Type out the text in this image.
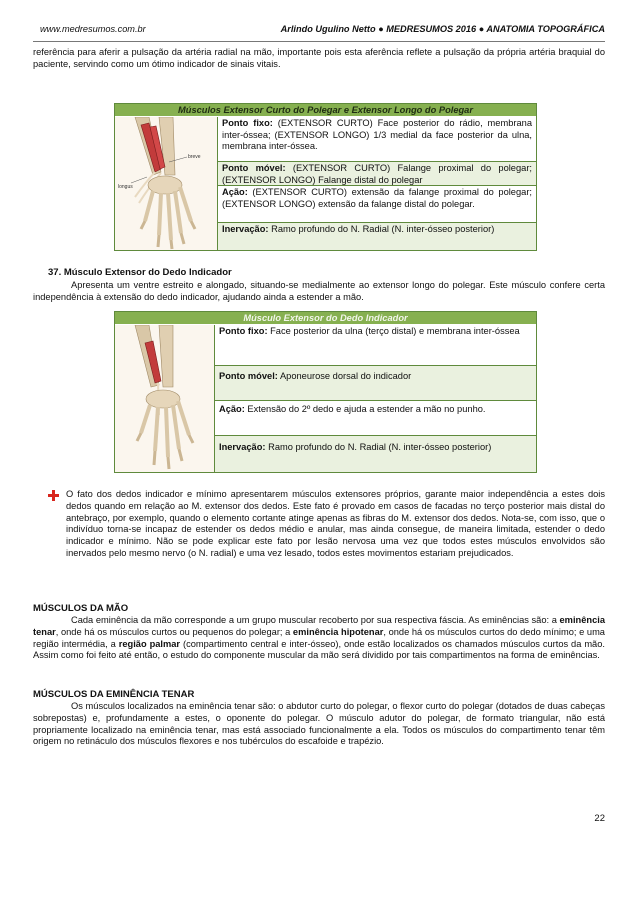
www.medresumos.com.br	Arlindo Ugulino Netto ● MEDRESUMOS 2016 ● ANATOMIA TOPOGRÁFICA
referência para aferir a pulsação da artéria radial na mão, importante pois esta aferência reflete a pulsação da própria artéria braquial do paciente, servindo como um ótimo indicador de sinais vitais.
Músculos Extensor Curto do Polegar e Extensor Longo do Polegar
breve
longus
Ponto fixo: (EXTENSOR CURTO) Face posterior do rádio, membrana inter-óssea; (EXTENSOR LONGO) 1/3 medial da face posterior da ulna, membrana inter-óssea.
Ponto móvel: (EXTENSOR CURTO) Falange proximal do polegar; (EXTENSOR LONGO) Falange distal do polegar
Ação: (EXTENSOR CURTO) extensão da falange proximal do polegar; (EXTENSOR LONGO) extensão da falange distal do polegar.
Inervação: Ramo profundo do N. Radial (N. inter-ósseo posterior)
37. Músculo Extensor do Dedo Indicador
Apresenta um ventre estreito e alongado, situando-se medialmente ao extensor longo do polegar. Este músculo confere certa independência à extensão do dedo indicador, ajudando ainda a estender a mão.
Músculo Extensor do Dedo Indicador
Ponto fixo: Face posterior da ulna (terço distal) e membrana inter-óssea
Ponto móvel: Aponeurose dorsal do indicador
Ação: Extensão do 2º dedo e ajuda a estender a mão no punho.
Inervação: Ramo profundo do N. Radial (N. inter-ósseo posterior)
O fato dos dedos indicador e mínimo apresentarem músculos extensores próprios, garante maior independência a estes dois dedos quando em relação ao M. extensor dos dedos. Este fato é provado em casos de facadas no terço posterior mais distal do antebraço, por exemplo, quando o elemento cortante atinge apenas as fibras do M. extensor dos dedos. Nota-se, com isso, que o indivíduo torna-se incapaz de estender os dedos médio e anular, mas ainda consegue, de maneira limitada, estender o dedo indicador e mínimo. Não se pode explicar este fato por lesão nervosa uma vez que todos estes músculos envolvidos são inervados pelo mesmo nervo (o N. radial) e uma vez lesado, todos estes movimentos estariam prejudicados.
MÚSCULOS DA MÃO
Cada eminência da mão corresponde a um grupo muscular recoberto por sua respectiva fáscia. As eminências são: a eminência tenar, onde há os músculos curtos ou pequenos do polegar; a eminência hipotenar, onde há os músculos curtos do dedo mínimo; e uma região intermédia, a região palmar (compartimento central e inter-ósseo), onde estão localizados os chamados músculos curtos da mão. Assim como foi feito até então, o estudo do componente muscular da mão será dividido por tais compartimentos na forma de eminências.
MÚSCULOS DA EMINÊNCIA TENAR
Os músculos localizados na eminência tenar são: o abdutor curto do polegar, o flexor curto do polegar (dotados de duas cabeças sobrepostas) e, profundamente a estes, o oponente do polegar. O músculo adutor do polegar, de formato triangular, não está propriamente localizado na eminência tenar, mas está associado funcionalmente a ela. Todos os músculos do compartimento tenar têm origem no retináculo dos músculos flexores e nos tubérculos do escafoide e trapézio.
22
